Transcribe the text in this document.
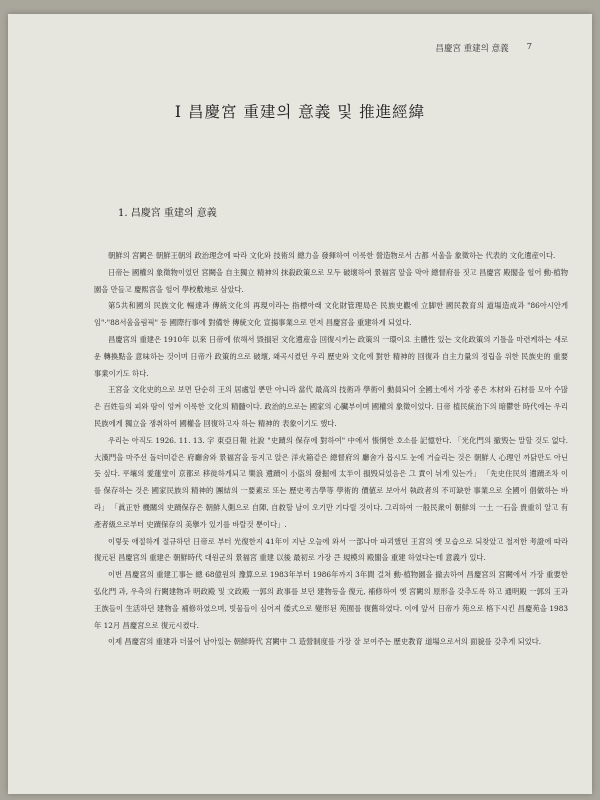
昌慶宮 重建의 意義 7
I 昌慶宮 重建의 意義 및 推進經緯
1. 昌慶宮 重建의 意義

朝鮮의 宮闕은 朝鮮王朝의 政治理念에 따라 文化와 技術의 總力을 發揮하여 이룩한 營造物로서 古都 서울을 象徵하는 代表的 文化遺産이다.

日帝는 國權의 象徵物이었던 宮闕을 自主獨立 精神의 抹殺政策으로 모두 破壞하여 景福宮 앞을 막아 總督府를 짓고 昌慶宮 殿閣을 헐어 動·植物園을 만들고 慶熙宮을 헐어 學校敷地로 삼았다.

第5共和國의 民族文化 暢達과 傳統文化의 再現이라는 指標아래 文化財管理局은 民族史觀에 立脚한 國民教育의 道場造成과 "86아시안게임"·"88서울올림픽" 등 國際行事에 對備한 傳統文化 宣揚事業으로 먼저 昌慶宮을 重建하게 되었다.

昌慶宮의 重建은 1910年 以來 日帝에 依해서 毀損된 文化遺産을 回復시키는 政策의 一環이요 主體性 있는 文化政策의 기틀을 마련케하는 새로운 轉換點을 意味하는 것이며 日帝가 政策的으로 破壞, 왜곡시켰던 우리 歷史와 文化에 對한 精神的 回復과 自主力量의 정립을 위한 民族史的 重要事業이기도 하다.

王宮을 文化史的으로 보면 단순히 王의 居處일 뿐만 아니라 當代 最高의 技術과 學術이 動員되어 全國土에서 가장 좋은 木材와 石材를 모아 수많은 百姓들의 피와 땀이 엉켜 이룩한 文化의 精髓이다. 政治的으로는 國家의 心臟부이며 國權의 象徵이었다. 日帝 植民統治下의 暗鬱한 時代에는 우리民族에게 獨立을 쟁취하여 國權을 回復하고자 하는 精神的 表象이기도 했다.

우리는 아직도 1926. 11. 13. 字 東亞日報 社說 "史蹟의 保存에 對하여" 中에서 悵惘한 호소를 記憶한다. 「光化門의 撤毁는 말할 것도 없다. 大漢門을 마주선 돌더미같은 府廳舍와 景福宮을 등지고 앉은 洋火箱같은 總督府의 廳舍가 몹시도 눈에 거슬리는 것은 朝鮮人 心理인 까닭만도 아닌듯 싶다. 平壤의 愛蓮堂이 京都로 移徙하게되고 樂浪 遺蹟이 小盜의 發掘에 太半이 損毁되었음은 그 責이 뉘게 있는가」 「先史住民의 遺蹟조차 이를 保存하는 것은 國家民族의 精神的 團結의 一要素로 또는 歷史考古學等 學術的 價値로 보아서 執政者의 不可缺한 事業으로 全國이 倡做하는 바라」 「眞正한 機關의 史蹟保存은 朝鮮人側으로 自陣, 自救할 날이 오기만 기다릴 것이다. 그리하여 一般民衆이 朝鮮의 一土 一石을 貴重히 알고 有產者級으로부터 史蹟保存의 美擧가 있기를 바랄것 뿐이다」.

이렇듯 애절하게 절규하던 日帝로 부터 光復한지 41年이 지난 오늘에 와서 一部나마 파괴했던 王宮의 옛 모습으로 되찾았고 철저한 考證에 따라 復元된 昌慶宮의 重建은 朝鮮時代 대원군의 景福宮 重建 以後 最初로 가장 큰 規模의 殿閣을 重建 하였다는데 意義가 있다.

이번 昌慶宮의 重建工事는 總 68億원의 豫算으로 1983年부터 1986年까지 3年間 걸쳐 動·植物園을 撤去하여 昌慶宮의 宮闕에서 가장 重要한 弘化門 과, 우측의 行闕建物과 明政殿 및 文政殿 一郭의 政事를 보던 建物등을 復元, 補修하여 옛 宮闕의 原形을 갖추도록 하고 通明殿 一郭의 王과 王族들이 生活하던 建物을 補修하였으며, 빗물들이 심어져 倭式으로 變形된 苑囿를 復舊하였다. 이에 앞서 日帝가 苑으로 格下시킨 昌慶苑을 1983年 12月 昌慶宮으로 復元시켰다.

이제 昌慶宮의 重建과 더불어 남아있는 朝鮮時代 宮闕中 그 造營制度를 가장 잘 보여주는 歷史教育 道場으로서의 面貌를 갖추게 되었다.
